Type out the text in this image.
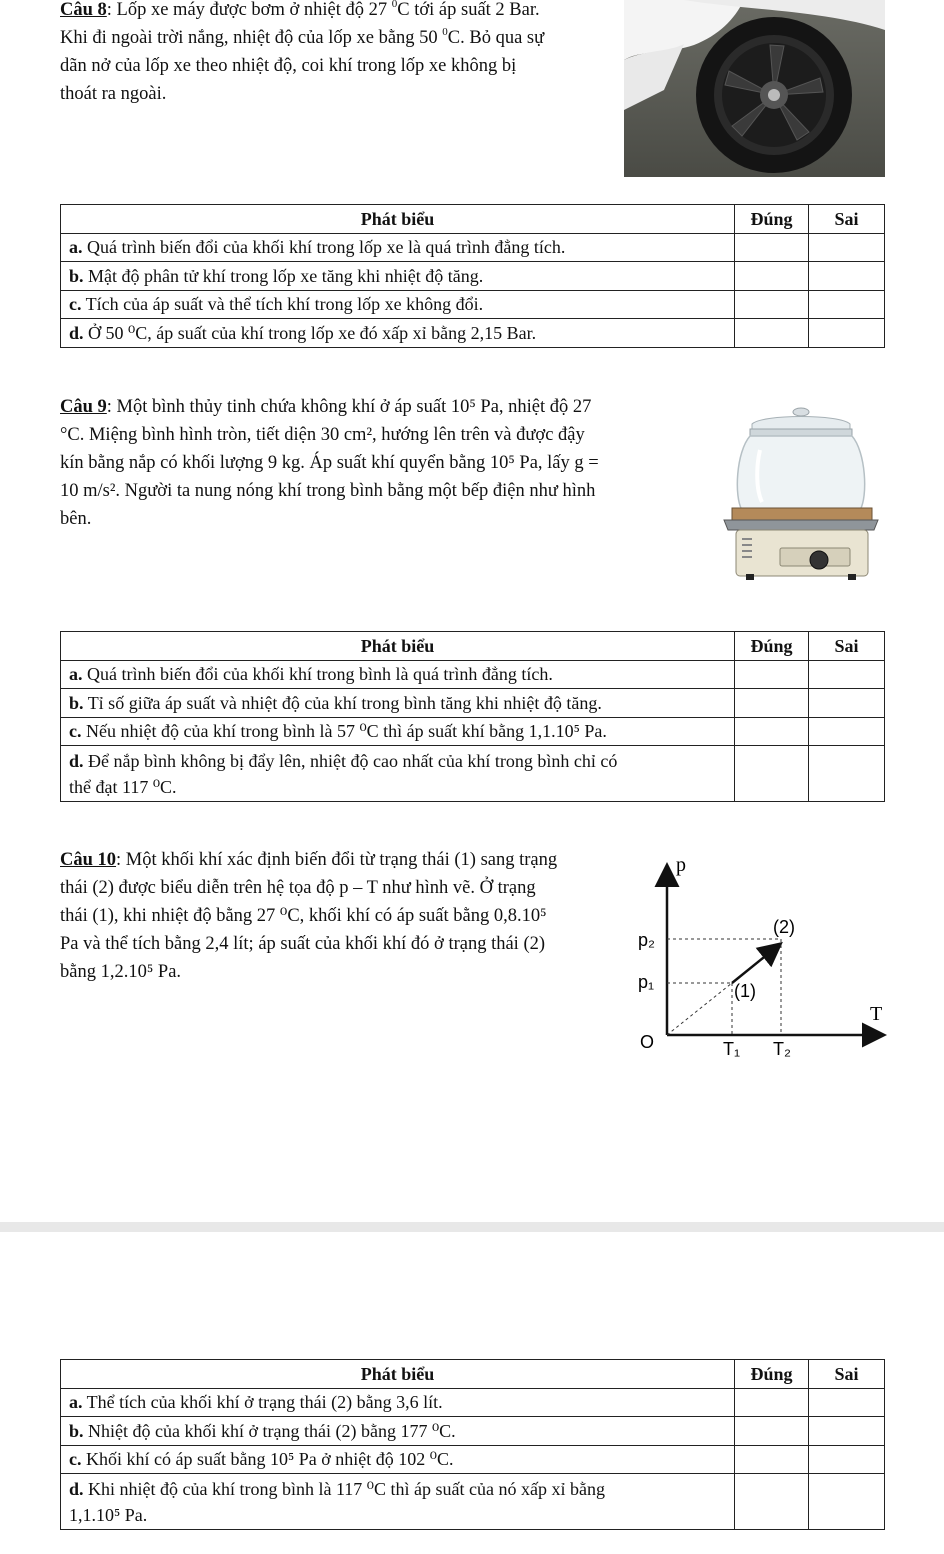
Câu 8: Lốp xe máy được bơm ở nhiệt độ 27 $^0$C tới áp suất 2 Bar.
Khi đi ngoài trời nắng, nhiệt độ của lốp xe bằng 50 $^0$C. Bỏ qua sự
dãn nở của lốp xe theo nhiệt độ, coi khí trong lốp xe không bị
thoát ra ngoài.
Phát biểu	Đúng	Sai
a. Quá trình biến đổi của khối khí trong lốp xe là quá trình đẳng tích.		
b. Mật độ phân tử khí trong lốp xe tăng khi nhiệt độ tăng.		
c. Tích của áp suất và thể tích khí trong lốp xe không đổi.		
d. Ở 50 ⁰C, áp suất của khí trong lốp xe đó xấp xỉ bằng 2,15 Bar.		
Câu 9: Một bình thủy tinh chứa không khí ở áp suất 10⁵ Pa, nhiệt độ 27
°C. Miệng bình hình tròn, tiết diện 30 cm², hướng lên trên và được đậy
kín bằng nắp có khối lượng 9 kg. Áp suất khí quyển bằng 10⁵ Pa, lấy g =
10 m/s². Người ta nung nóng khí trong bình bằng một bếp điện như hình
bên.
Phát biểu	Đúng	Sai
a. Quá trình biến đổi của khối khí trong bình là quá trình đẳng tích.		
b. Tỉ số giữa áp suất và nhiệt độ của khí trong bình tăng khi nhiệt độ tăng.		
c. Nếu nhiệt độ của khí trong bình là 57 ⁰C thì áp suất khí bằng 1,1.10⁵ Pa.		
d. Để nắp bình không bị đẩy lên, nhiệt độ cao nhất của khí trong bình chỉ có
thể đạt 117 ⁰C.		
Câu 10: Một khối khí xác định biến đổi từ trạng thái (1) sang trạng
thái (2) được biểu diễn trên hệ tọa độ p – T như hình vẽ. Ở trạng
thái (1), khi nhiệt độ bằng 27 ⁰C, khối khí có áp suất bằng 0,8.10⁵
Pa và thể tích bằng 2,4 lít; áp suất của khối khí đó ở trạng thái (2)
bằng 1,2.10⁵ Pa.
p
T
O
p₂
p₁
T₁ T₂
(1)
(2)
Phát biểu	Đúng	Sai
a. Thể tích của khối khí ở trạng thái (2) bằng 3,6 lít.		
b. Nhiệt độ của khối khí ở trạng thái (2) bằng 177 ⁰C.		
c. Khối khí có áp suất bằng 10⁵ Pa ở nhiệt độ 102 ⁰C.		
d. Khi nhiệt độ của khí trong bình là 117 ⁰C thì áp suất của nó xấp xỉ bằng
1,1.10⁵ Pa.		
